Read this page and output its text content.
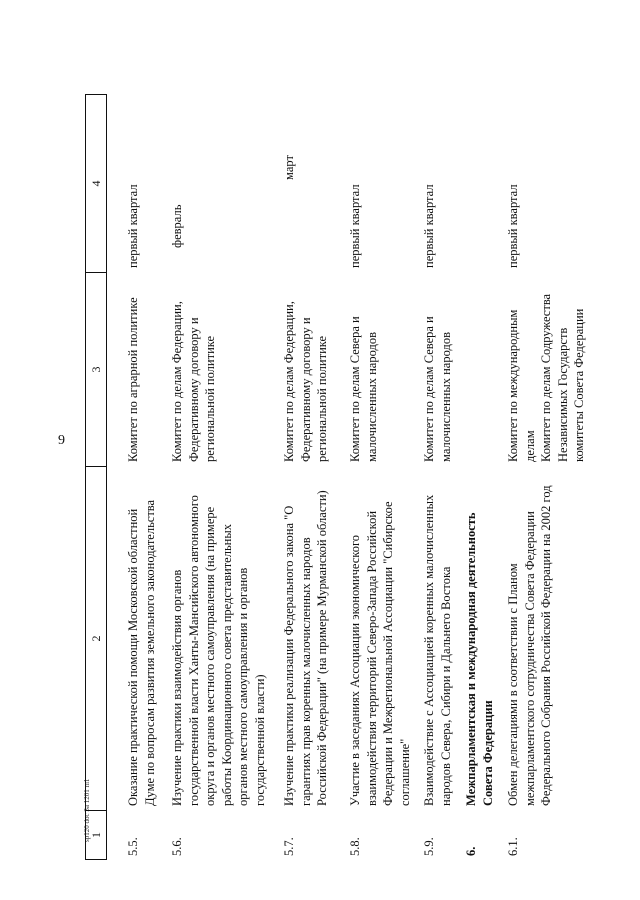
9
sp120 doc 3a 1201 m1
1
2
3
4
5.5.
Оказание практической помощи Московской областной Думе по вопросам развития земельного законодательства
Комитет по аграрной политике
первый квартал
5.6.
Изучение практики взаимодействия органов государственной власти Ханты-Мансийского автономного округа и органов местного самоуправления (на примере работы Координационного совета представительных органов местного самоуправления и органов государственной власти)
Комитет по делам Федерации, Федеративному договору и региональной политике
февраль
5.7.
Изучение практики реализации Федерального закона "О гарантиях прав коренных малочисленных народов Российской Федерации" (на примере Мурманской области)
Комитет по делам Федерации, Федеративному договору и региональной политике
март
5.8.
Участие в заседаниях Ассоциации экономического взаимодействия территорий Северо-Запада Российской Федерации и Межрегиональной Ассоциации "Сибирское соглашение"
Комитет по делам Севера и малочисленных народов
первый квартал
5.9.
Взаимодействие с Ассоциацией коренных малочисленных народов Севера, Сибири и Дальнего Востока
Комитет по делам Севера и малочисленных народов
первый квартал
6.
Межпарламентская и международная деятельность Совета Федерации
6.1.
Обмен делегациями в соответствии с Планом межпарламентского сотрудничества Совета Федерации Федерального Собрания Российской Федерации на 2002 год
Комитет по международным делам
Комитет по делам Содружества Независимых Государств
комитеты Совета Федерации
первый квартал
